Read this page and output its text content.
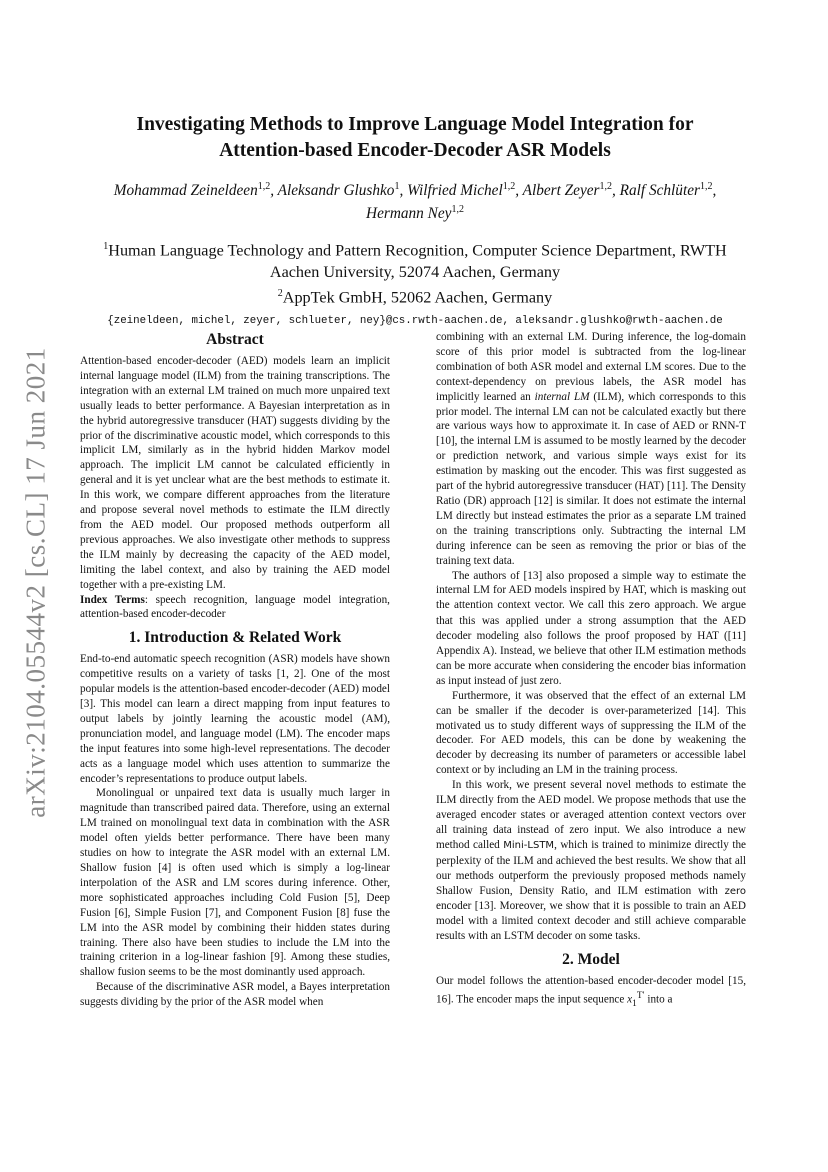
arXiv:2104.05544v2 [cs.CL] 17 Jun 2021
Investigating Methods to Improve Language Model Integration for
Attention-based Encoder-Decoder ASR Models
Mohammad Zeineldeen$^{1,2}$, Aleksandr Glushko$^1$, Wilfried Michel$^{1,2}$, Albert Zeyer$^{1,2}$, Ralf Schlüter$^{1,2}$,
Hermann Ney$^{1,2}$
$^1$Human Language Technology and Pattern Recognition, Computer Science Department, RWTH
Aachen University, 52074 Aachen, Germany
$^2$AppTek GmbH, 52062 Aachen, Germany
{zeineldeen, michel, zeyer, schlueter, ney}@cs.rwth-aachen.de, aleksandr.glushko@rwth-aachen.de
Abstract

Attention-based encoder-decoder (AED) models learn an implicit internal language model (ILM) from the training transcriptions. The integration with an external LM trained on much more unpaired text usually leads to better performance. A Bayesian interpretation as in the hybrid autoregressive transducer (HAT) suggests dividing by the prior of the discriminative acoustic model, which corresponds to this implicit LM, similarly as in the hybrid hidden Markov model approach. The implicit LM cannot be calculated efficiently in general and it is yet unclear what are the best methods to estimate it. In this work, we compare different approaches from the literature and propose several novel methods to estimate the ILM directly from the AED model. Our proposed methods outperform all previous approaches. We also investigate other methods to suppress the ILM mainly by decreasing the capacity of the AED model, limiting the label context, and also by training the AED model together with a pre-existing LM.

Index Terms: speech recognition, language model integration, attention-based encoder-decoder

1. Introduction & Related Work

End-to-end automatic speech recognition (ASR) models have shown competitive results on a variety of tasks [1, 2]. One of the most popular models is the attention-based encoder-decoder (AED) model [3]. This model can learn a direct mapping from input features to output labels by jointly learning the acoustic model (AM), pronunciation model, and language model (LM). The encoder maps the input features into some high-level representations. The decoder acts as a language model which uses attention to summarize the encoder’s representations to produce output labels.

Monolingual or unpaired text data is usually much larger in magnitude than transcribed paired data. Therefore, using an external LM trained on monolingual text data in combination with the ASR model often yields better performance. There have been many studies on how to integrate the ASR model with an external LM. Shallow fusion [4] is often used which is simply a log-linear interpolation of the ASR and LM scores during inference. Other, more sophisticated approaches including Cold Fusion [5], Deep Fusion [6], Simple Fusion [7], and Component Fusion [8] fuse the LM into the ASR model by combining their hidden states during training. There also have been studies to include the LM into the training criterion in a log-linear fashion [9]. Among these studies, shallow fusion seems to be the most dominantly used approach.

Because of the discriminative ASR model, a Bayes interpretation suggests dividing by the prior of the ASR model when

combining with an external LM. During inference, the log-domain score of this prior model is subtracted from the log-linear combination of both ASR model and external LM scores. Due to the context-dependency on previous labels, the ASR model has implicitly learned an internal LM (ILM), which corresponds to this prior model. The internal LM can not be calculated exactly but there are various ways how to approximate it. In case of AED or RNN-T [10], the internal LM is assumed to be mostly learned by the decoder or prediction network, and various simple ways exist for its estimation by masking out the encoder. This was first suggested as part of the hybrid autoregressive transducer (HAT) [11]. The Density Ratio (DR) approach [12] is similar. It does not estimate the internal LM directly but instead estimates the prior as a separate LM trained on the training transcriptions only. Subtracting the internal LM during inference can be seen as removing the prior or bias of the training text data.

The authors of [13] also proposed a simple way to estimate the internal LM for AED models inspired by HAT, which is masking out the attention context vector. We call this zero approach. We argue that this was applied under a strong assumption that the AED decoder modeling also follows the proof proposed by HAT ([11] Appendix A). Instead, we believe that other ILM estimation methods can be more accurate when considering the encoder bias information as input instead of just zero.

Furthermore, it was observed that the effect of an external LM can be smaller if the decoder is over-parameterized [14]. This motivated us to study different ways of suppressing the ILM of the decoder. For AED models, this can be done by weakening the decoder by decreasing its number of parameters or accessible label context or by including an LM in the training process.

In this work, we present several novel methods to estimate the ILM directly from the AED model. We propose methods that use the averaged encoder states or averaged attention context vectors over all training data instead of zero input. We also introduce a new method called Mini-LSTM, which is trained to minimize directly the perplexity of the ILM and achieved the best results. We show that all our methods outperform the previously proposed methods namely Shallow Fusion, Density Ratio, and ILM estimation with zero encoder [13]. Moreover, we show that it is possible to train an AED model with a limited context decoder and still achieve comparable results with an LSTM decoder on some tasks.

2. Model

Our model follows the attention-based encoder-decoder model [15, 16]. The encoder maps the input sequence $x_1^{T'}$ into a
